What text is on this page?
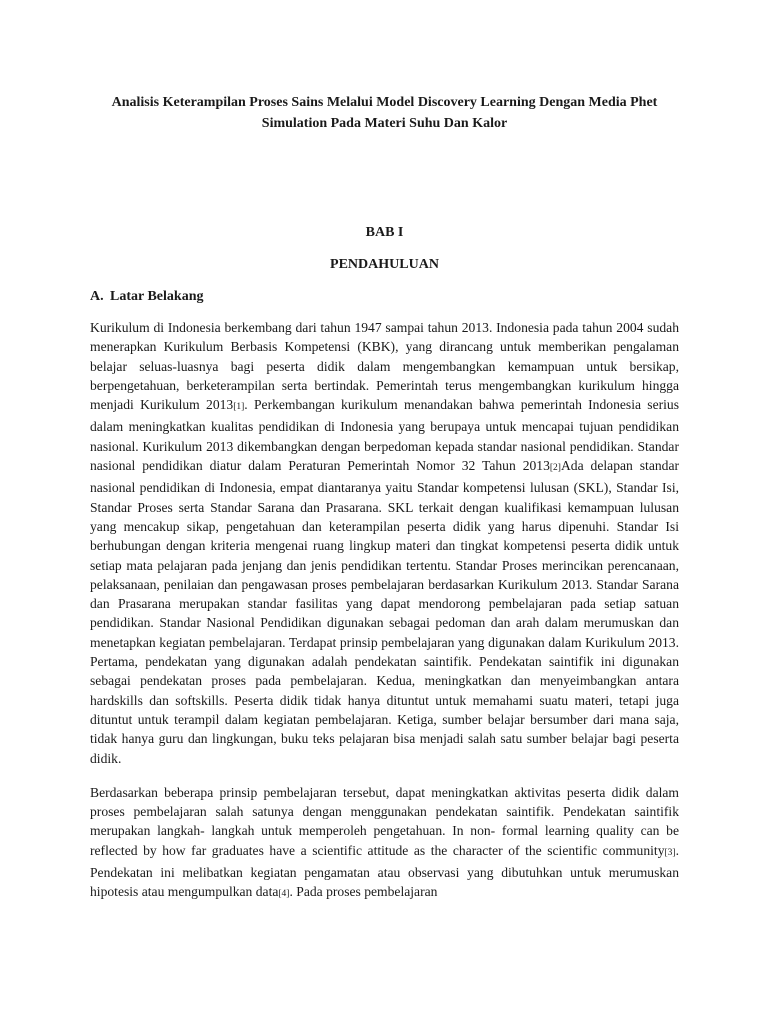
Analisis Keterampilan Proses Sains Melalui Model Discovery Learning Dengan Media Phet Simulation Pada Materi Suhu Dan Kalor

BAB I

PENDAHULUAN

A. Latar Belakang

Kurikulum di Indonesia berkembang dari tahun 1947 sampai tahun 2013. Indonesia pada tahun 2004 sudah menerapkan Kurikulum Berbasis Kompetensi (KBK), yang dirancang untuk memberikan pengalaman belajar seluas-luasnya bagi peserta didik dalam mengembangkan kemampuan untuk bersikap, berpengetahuan, berketerampilan serta bertindak. Pemerintah terus mengembangkan kurikulum hingga menjadi Kurikulum 2013[1]. Perkembangan kurikulum menandakan bahwa pemerintah Indonesia serius dalam meningkatkan kualitas pendidikan di Indonesia yang berupaya untuk mencapai tujuan pendidikan nasional. Kurikulum 2013 dikembangkan dengan berpedoman kepada standar nasional pendidikan. Standar nasional pendidikan diatur dalam Peraturan Pemerintah Nomor 32 Tahun 2013[2]Ada delapan standar nasional pendidikan di Indonesia, empat diantaranya yaitu Standar kompetensi lulusan (SKL), Standar Isi, Standar Proses serta Standar Sarana dan Prasarana. SKL terkait dengan kualifikasi kemampuan lulusan yang mencakup sikap, pengetahuan dan keterampilan peserta didik yang harus dipenuhi. Standar Isi berhubungan dengan kriteria mengenai ruang lingkup materi dan tingkat kompetensi peserta didik untuk setiap mata pelajaran pada jenjang dan jenis pendidikan tertentu. Standar Proses merincikan perencanaan, pelaksanaan, penilaian dan pengawasan proses pembelajaran berdasarkan Kurikulum 2013. Standar Sarana dan Prasarana merupakan standar fasilitas yang dapat mendorong pembelajaran pada setiap satuan pendidikan. Standar Nasional Pendidikan digunakan sebagai pedoman dan arah dalam merumuskan dan menetapkan kegiatan pembelajaran. Terdapat prinsip pembelajaran yang digunakan dalam Kurikulum 2013. Pertama, pendekatan yang digunakan adalah pendekatan saintifik. Pendekatan saintifik ini digunakan sebagai pendekatan proses pada pembelajaran. Kedua, meningkatkan dan menyeimbangkan antara hardskills dan softskills. Peserta didik tidak hanya dituntut untuk memahami suatu materi, tetapi juga dituntut untuk terampil dalam kegiatan pembelajaran. Ketiga, sumber belajar bersumber dari mana saja, tidak hanya guru dan lingkungan, buku teks pelajaran bisa menjadi salah satu sumber belajar bagi peserta didik.

Berdasarkan beberapa prinsip pembelajaran tersebut, dapat meningkatkan aktivitas peserta didik dalam proses pembelajaran salah satunya dengan menggunakan pendekatan saintifik. Pendekatan saintifik merupakan langkah- langkah untuk memperoleh pengetahuan. In non- formal learning quality can be reflected by how far graduates have a scientific attitude as the character of the scientific community[3]. Pendekatan ini melibatkan kegiatan pengamatan atau observasi yang dibutuhkan untuk merumuskan hipotesis atau mengumpulkan data[4]. Pada proses pembelajaran
